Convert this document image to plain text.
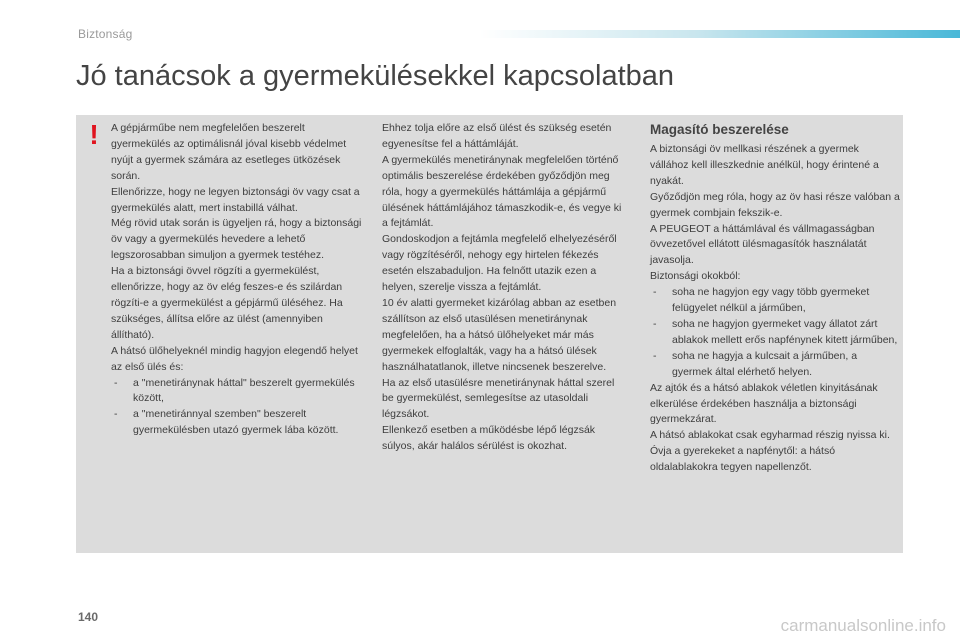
Biztonság
Jó tanácsok a gyermekülésekkel kapcsolatban
! A gépjárműbe nem megfelelően beszerelt gyermekülés az optimálisnál jóval kisebb védelmet nyújt a gyermek számára az esetleges ütközések során.

Ellenőrizze, hogy ne legyen biztonsági öv vagy csat a gyermekülés alatt, mert instabillá válhat.

Még rövid utak során is ügyeljen rá, hogy a biztonsági öv vagy a gyermekülés hevedere a lehető legszorosabban simuljon a gyermek testéhez.

Ha a biztonsági övvel rögzíti a gyermekülést, ellenőrizze, hogy az öv elég feszes-e és szilárdan rögzíti-e a gyermekülést a gépjármű üléséhez. Ha szükséges, állítsa előre az ülést (amennyiben állítható).

A hátsó ülőhelyeknél mindig hagyjon elegendő helyet az első ülés és:

- a "menetiránynak háttal" beszerelt gyermekülés között,

- a "menetiránnyal szemben" beszerelt gyermekülésben utazó gyermek lába között.

Ehhez tolja előre az első ülést és szükség esetén egyenesítse fel a háttámláját.

A gyermekülés menetiránynak megfelelően történő optimális beszerelése érdekében győződjön meg róla, hogy a gyermekülés háttámlája a gépjármű ülésének háttámlájához támaszkodik-e, és vegye ki a fejtámlát.

Gondoskodjon a fejtámla megfelelő elhelyezéséről vagy rögzítéséről, nehogy egy hirtelen fékezés esetén elszabaduljon. Ha felnőtt utazik ezen a helyen, szerelje vissza a fejtámlát.

10 év alatti gyermeket kizárólag abban az esetben szállítson az első utasülésen menetiránynak megfelelően, ha a hátsó ülőhelyeket már más gyermekek elfoglalták, vagy ha a hátsó ülések használhatatlanok, illetve nincsenek beszerelve.

Ha az első utasülésre menetiránynak háttal szerel be gyermekülést, semlegesítse az utasoldali légzsákot.

Ellenkező esetben a működésbe lépő légzsák súlyos, akár halálos sérülést is okozhat.

Magasító beszerelése

A biztonsági öv mellkasi részének a gyermek vállához kell illeszkednie anélkül, hogy érintené a nyakát.

Győződjön meg róla, hogy az öv hasi része valóban a gyermek combjain fekszik-e.

A PEUGEOT a háttámlával és vállmagasságban övvezetővel ellátott ülésmagasítók használatát javasolja.

Biztonsági okokból:

- soha ne hagyjon egy vagy több gyermeket felügyelet nélkül a járműben,

- soha ne hagyjon gyermeket vagy állatot zárt ablakok mellett erős napfénynek kitett járműben,

- soha ne hagyja a kulcsait a járműben, a gyermek által elérhető helyen.

Az ajtók és a hátsó ablakok véletlen kinyitásának elkerülése érdekében használja a biztonsági gyermekzárat.

A hátsó ablakokat csak egyharmad részig nyissa ki.

Óvja a gyerekeket a napfénytől: a hátsó oldalablakokra tegyen napellenzőt.

140	carmanualsonline.info
